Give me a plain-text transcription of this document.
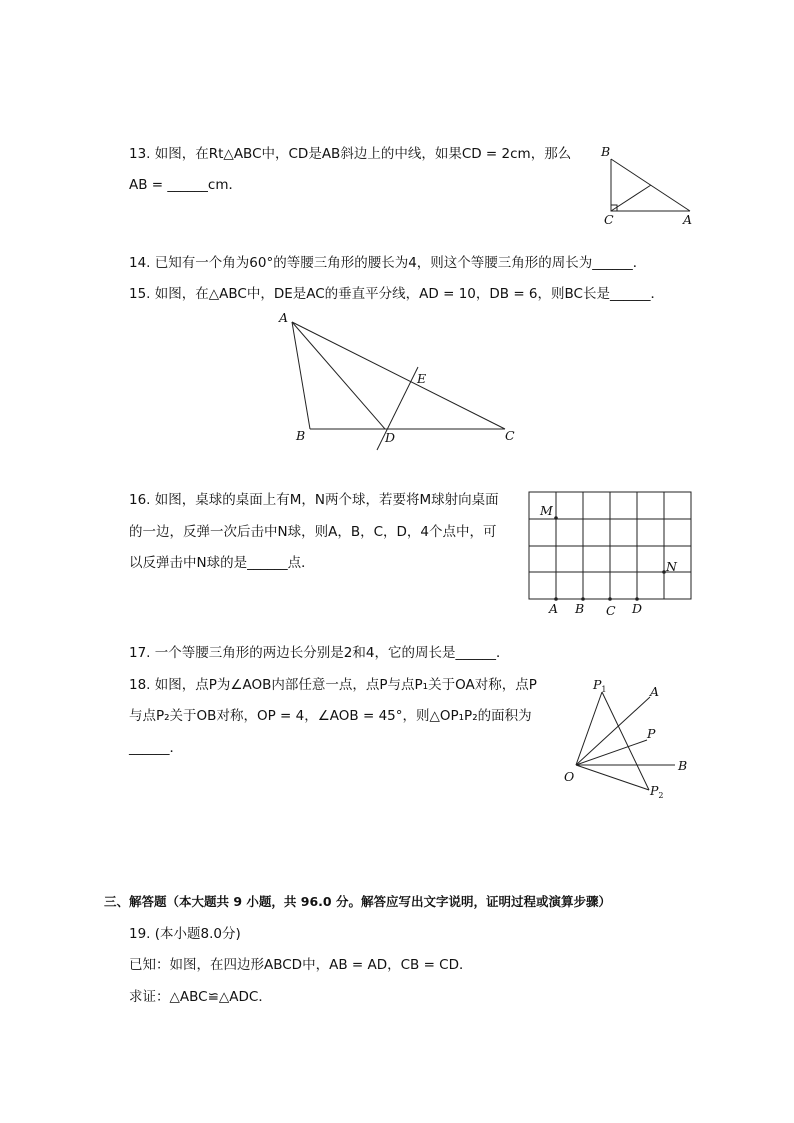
13. 如图，在Rt△ABC中，CD是AB斜边上的中线，如果CD = 2cm，那么
AB = ______cm．
B
C	A
14. 已知有一个角为60°的等腰三角形的腰长为4，则这个等腰三角形的周长为______．
15. 如图，在△ABC中，DE是AC的垂直平分线，AD = 10，DB = 6，则BC长是______．
A
B	C
D
E
16. 如图，桌球的桌面上有M，N两个球，若要将M球射向桌面
的一边，反弹一次后击中N球，则A，B，C，D，4个点中，可
以反弹击中N球的是______点．
M
N
A B C D
17. 一个等腰三角形的两边长分别是2和4，它的周长是______．
18. 如图，点P为∠AOB内部任意一点，点P与点P₁关于OA对称，点P
与点P₂关于OB对称，OP = 4，∠AOB = 45°，则△OP₁P₂的面积为
______．
$P_1$	A
P
B
O
$P_2$
三、解答题（本大题共 9 小题，共 96.0 分。解答应写出文字说明，证明过程或演算步骤）
19. (本小题8.0分)
已知：如图，在四边形ABCD中，AB = AD，CB = CD．
求证：△ABC≌△ADC．
